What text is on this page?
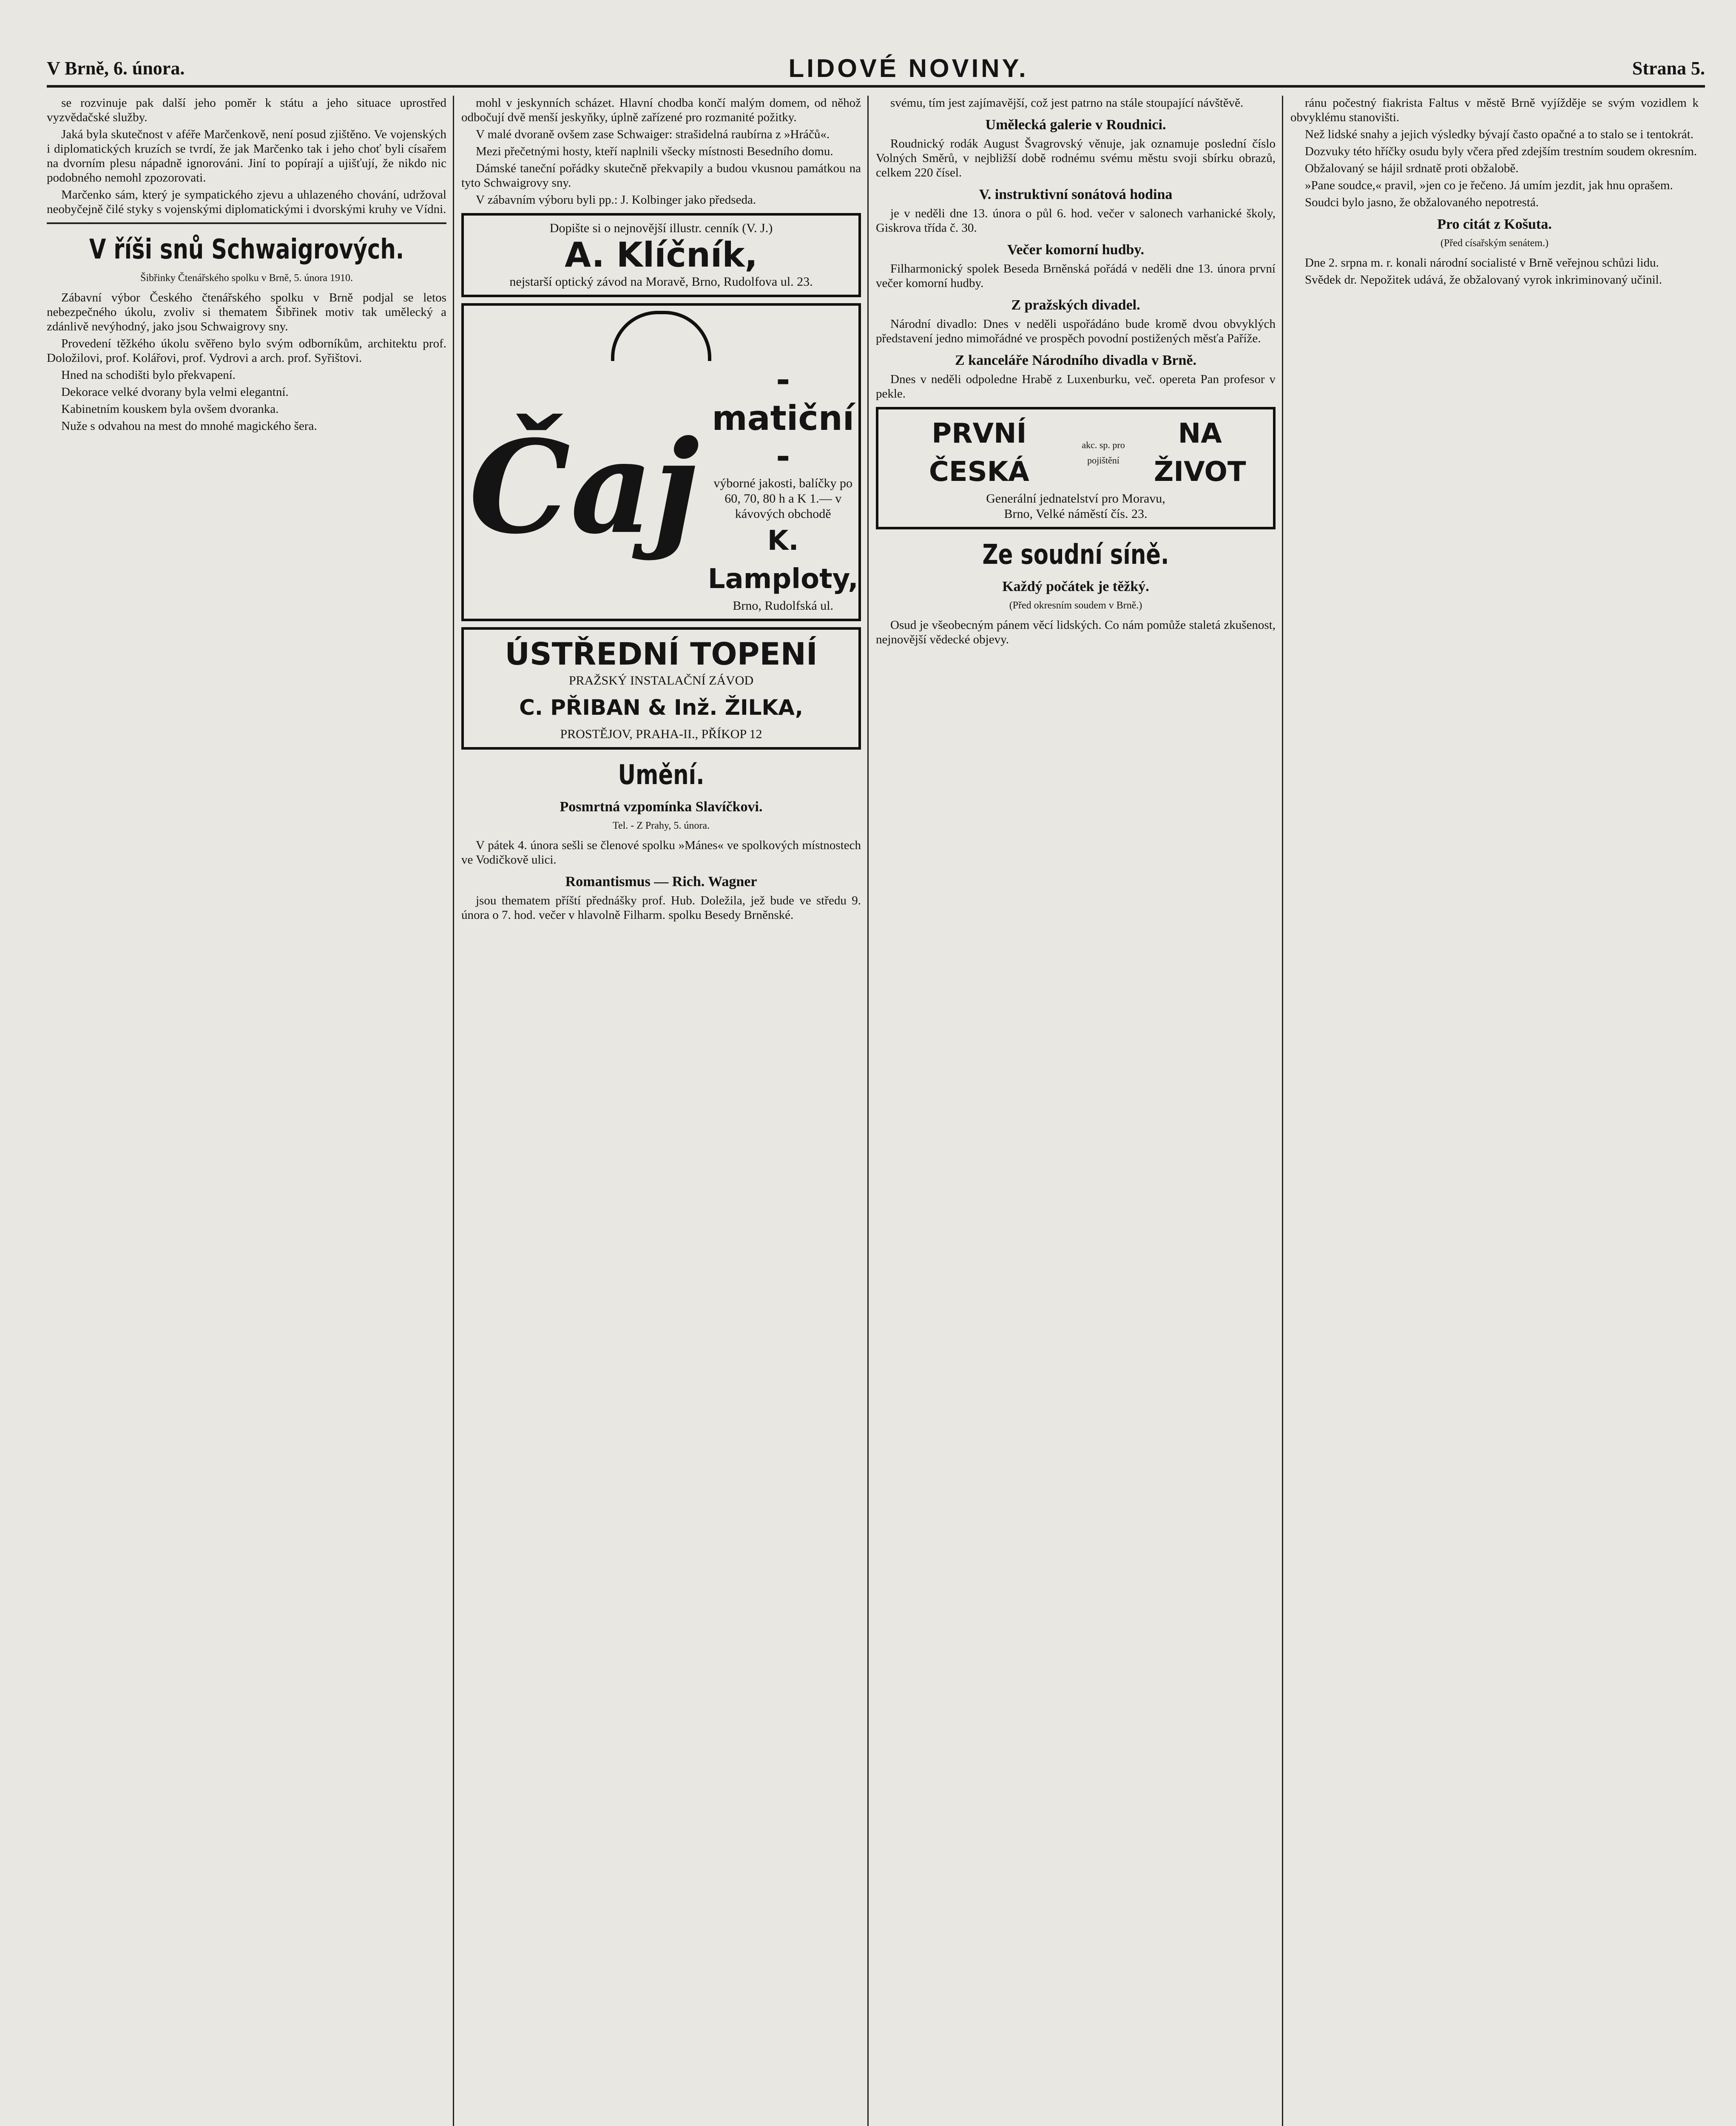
V Brně, 6. února.	LIDOVÉ NOVINY.	Strana 5.

se rozvinuje pak další jeho poměr k státu a jeho situace uprostřed vyzvědačské služby.

Jaká byla skutečnost v aféře Marčenkově, není posud zjištěno. Ve vojenských i diplomatických kruzích se tvrdí, že jak Marčenko tak i jeho choť byli císařem na dvorním plesu nápadně ignorováni. Jiní to popírají a ujišťují, že nikdo nic podobného nemohl zpozorovati.

Marčenko sám, který je sympatického zjevu a uhlazeného chování, udržoval neobyčejně čilé styky s vojenskými diplomatickými i dvorskými kruhy ve Vídni.

V říši snů Schwaigrových.
Šibřinky Čtenářského spolku v Brně, 5. února 1910.

Zábavní výbor Českého čtenářského spolku v Brně podjal se letos nebezpečného úkolu, zvoliv si thematem Šibřinek motiv tak umělecký a zdánlivě nevýhodný, jako jsou Schwaigrovy sny.

Provedení těžkého úkolu svěřeno bylo svým odborníkům, architektu prof. Doložilovi, prof. Kolářovi, prof. Vydrovi a arch. prof. Syřištovi.

Hned na schodišti bylo překvapení.

Dekorace velké dvorany byla velmi elegantní.

Kabinetním kouskem byla ovšem dvoranka.

Nuže s odvahou na mest do mnohé magického šera.

mohl v jeskynních scházet. Hlavní chodba končí malým domem, od něhož odbočují dvě menší jeskyňky, úplně zařízené pro rozmanité požitky.

V malé dvoraně ovšem zase Schwaiger: strašidelná raubírna z »Hráčů«.

Mezi přečetnými hosty, kteří naplnili všecky místnosti Besedního domu.

Dámské taneční pořádky skutečně překvapily a budou vkusnou památkou na tyto Schwaigrovy sny.

V zábavním výboru byli pp.: J. Kolbinger jako předseda.

Dopište si o nejnovější illustr. cenník (V. J.)
A. Klíčník,
nejstarší optický závod na Moravě, Brno, Rudolfova ul. 23.
Čaj
- matiční -
výborné jakosti, balíčky po 60, 70, 80 h a K 1.— v kávových obchodě
K. Lamploty,
Brno, Rudolfská ul.
ÚSTŘEDNÍ TOPENÍ
PRAŽSKÝ INSTALAČNÍ ZÁVOD
C. PŘIBAN & Inž. ŽILKA,
PROSTĚJOV, PRAHA-II., PŘÍKOP 12
Umění.
Posmrtná vzpomínka Slavíčkovi.
Tel. - Z Prahy, 5. února.

V pátek 4. února sešli se členové spolku »Mánes« ve spolkových místnostech ve Vodičkově ulici.

Romantismus — Rich. Wagner

jsou thematem příští přednášky prof. Hub. Doležila, jež bude ve středu 9. února o 7. hod. večer v hlavolně Filharm. spolku Besedy Brněnské.

svému, tím jest zajímavější, což jest patrno na stále stoupající návštěvě.

Umělecká galerie v Roudnici.

Roudnický rodák August Švagrovský věnuje, jak oznamuje poslední číslo Volných Směrů, v nejbližší době rodnému svému městu svoji sbírku obrazů, celkem 220 čísel.

V. instruktivní sonátová hodina

je v neděli dne 13. února o půl 6. hod. večer v salonech varhanické školy, Giskrova třída č. 30.

Večer komorní hudby.

Filharmonický spolek Beseda Brněnská pořádá v neděli dne 13. února první večer komorní hudby.

Z pražských divadel.

Národní divadlo: Dnes v neděli uspořádáno bude kromě dvou obvyklých představení jedno mimořádné ve prospěch povodní postižených měsťa Paříže.

Z kanceláře Národního divadla v Brně.

Dnes v neděli odpoledne Hrabě z Luxenburku, več. opereta Pan profesor v pekle.

PRVNÍ ČESKÁ
akc. sp. pro pojištění
NA ŽIVOT
Generální jednatelství pro Moravu,
Brno, Velké náměstí čís. 23.
Ze soudní síně.
Každý počátek je těžký.
(Před okresním soudem v Brně.)

Osud je všeobecným pánem věcí lidských. Co nám pomůže staletá zkušenost, nejnovější vědecké objevy.

ránu počestný fiakrista Faltus v městě Brně vyjížděje se svým vozidlem k obvyklému stanovišti.

Než lidské snahy a jejich výsledky bývají často opačné a to stalo se i tentokrát.

Dozvuky této hříčky osudu byly včera před zdejším trestním soudem okresním.

Obžalovaný se hájil srdnatě proti obžalobě.

»Pane soudce,« pravil, »jen co je řečeno. Já umím jezdit, jak hnu oprašem.

Soudci bylo jasno, že obžalovaného nepotrestá.

Pro citát z Košuta.
(Před císařským senátem.)

Dne 2. srpna m. r. konali národní socialisté v Brně veřejnou schůzi lidu.

Svědek dr. Nepožitek udává, že obžalovaný vyrok inkriminovaný učinil.
